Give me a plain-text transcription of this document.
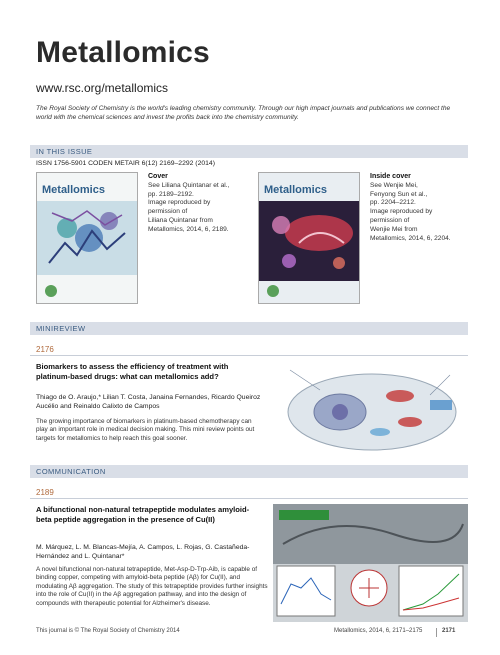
Metallomics
www.rsc.org/metallomics
The Royal Society of Chemistry is the world's leading chemistry community. Through our high impact journals and publications we connect the world with the chemical sciences and invest the profits back into the chemistry community.
IN THIS ISSUE
ISSN 1756-5901 CODEN METAIR 6(12) 2169–2292 (2014)
Metallomics
Cover
See Liliana Quintanar et al.,
pp. 2189–2192.
Image reproduced by
permission of
Liliana Quintanar from
Metallomics, 2014, 6, 2189.
Metallomics
Inside cover
See Wenjie Mei,
Fenyong Sun et al.,
pp. 2204–2212.
Image reproduced by
permission of
Wenjie Mei from
Metallomics, 2014, 6, 2204.
MINIREVIEW
2176
Biomarkers to assess the efficiency of treatment with platinum-based drugs: what can metallomics add?
Thiago de O. Araujo,* Lilian T. Costa, Janaina Fernandes, Ricardo Queiroz Aucélio and Reinaldo Calixto de Campos
The growing importance of biomarkers in platinum-based chemotherapy can play an important role in medical decision making. This mini review points out targets for metallomics to help reach this goal sooner.
COMMUNICATION
2189
A bifunctional non-natural tetrapeptide modulates amyloid-beta peptide aggregation in the presence of Cu(II)
M. Márquez, L. M. Blancas-Mejía, A. Campos, L. Rojas, G. Castañeda-Hernández and L. Quintanar*
A novel bifunctional non-natural tetrapeptide, Met-Asp-D-Trp-Aib, is capable of binding copper, competing with amyloid-beta peptide (Aβ) for Cu(II), and modulating Aβ aggregation. The study of this tetrapeptide provides further insights into the role of Cu(II) in the Aβ aggregation pathway, and into the design of compounds with therapeutic potential for Alzheimer's disease.
This journal is © The Royal Society of Chemistry 2014	Metallomics, 2014, 6, 2171–2175	2171
